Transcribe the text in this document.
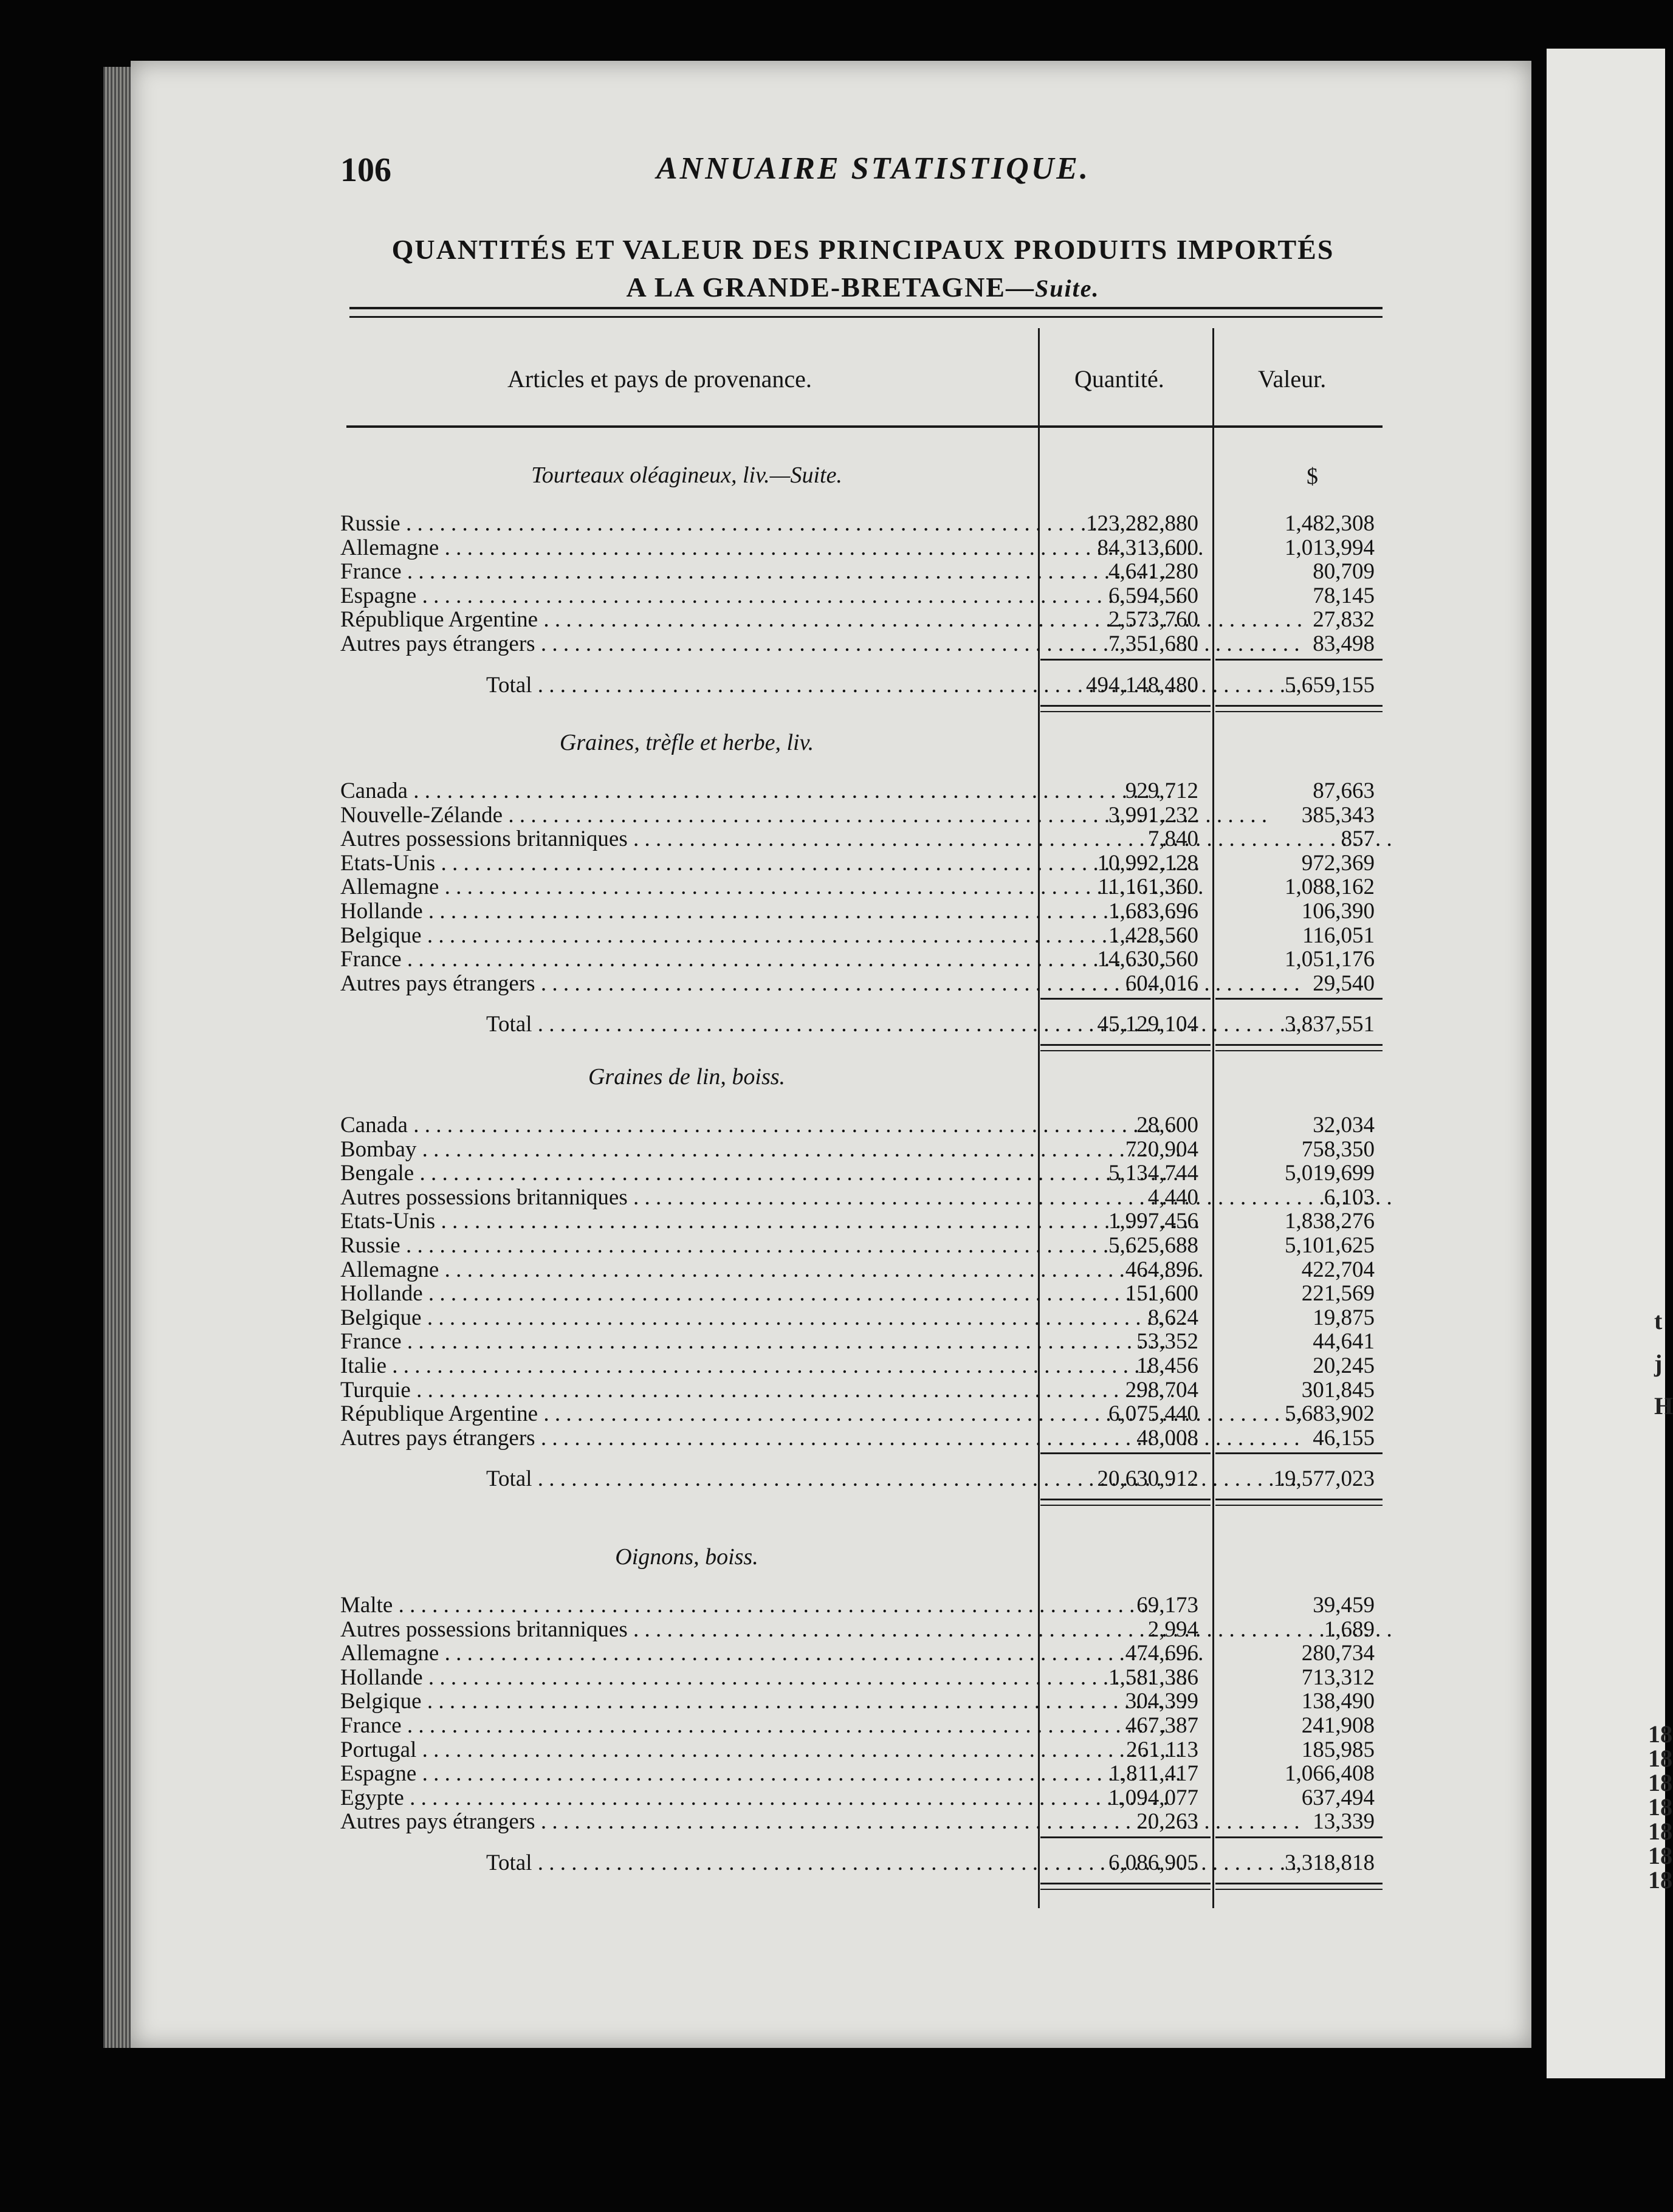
106	ANNUAIRE STATISTIQUE.
QUANTITÉS ET VALEUR DES PRINCIPAUX PRODUITS IMPORTÉS
A LA GRANDE-BRETAGNE—Suite.
Articles et pays de provenance.	Quantité.	Valeur.
$
Tourteaux oléagineux, liv.—Suite.
Russie . . .	123,282,880	1,482,308
Allemagne . . .	84,313,600	1,013,994
France . . .	4,641,280	80,709
Espagne . . .	6,594,560	78,145
République Argentine . . .	2,573,760	27,832
Autres pays étrangers . . .	7,351,680	83,498
Total . . .	494,148,480	5,659,155
Graines, trèfle et herbe, liv.
Canada . . .	929,712	87,663
Nouvelle-Zélande . . .	3,991,232	385,343
Autres possessions britanniques . . .	7,840	857
Etats-Unis . . .	10,992,128	972,369
Allemagne . . .	11,161,360	1,088,162
Hollande . . .	1,683,696	106,390
Belgique . . .	1,428,560	116,051
France . . .	14,630,560	1,051,176
Autres pays étrangers . . .	604,016	29,540
Total . . .	45,129,104	3,837,551
Graines de lin, boiss.
Canada . . .	28,600	32,034
Bombay . . .	720,904	758,350
Bengale . . .	5,134,744	5,019,699
Autres possessions britanniques . . .	4,440	6,103
Etats-Unis . . .	1,997,456	1,838,276
Russie . . .	5,625,688	5,101,625
Allemagne . . .	464,896	422,704
Hollande . . .	151,600	221,569
Belgique . . .	8,624	19,875
France . . .	53,352	44,641
Italie . . .	18,456	20,245
Turquie . . .	298,704	301,845
République Argentine . . .	6,075,440	5,683,902
Autres pays étrangers . . .	48,008	46,155
Total . . .	20,630,912	19,577,023
Oignons, boiss.
Malte . . .	69,173	39,459
Autres possessions britanniques . . .	2,994	1,689
Allemagne . . .	474,696	280,734
Hollande . . .	1,581,386	713,312
Belgique . . .	304,399	138,490
France . . .	467,387	241,908
Portugal . . .	261,113	185,985
Espagne . . .	1,811,417	1,066,408
Egypte . . .	1,094,077	637,494
Autres pays étrangers . . .	20,263	13,339
Total . . .	6,086,905	3,318,818
t
j
H
18
18
18
18
18
18
18
